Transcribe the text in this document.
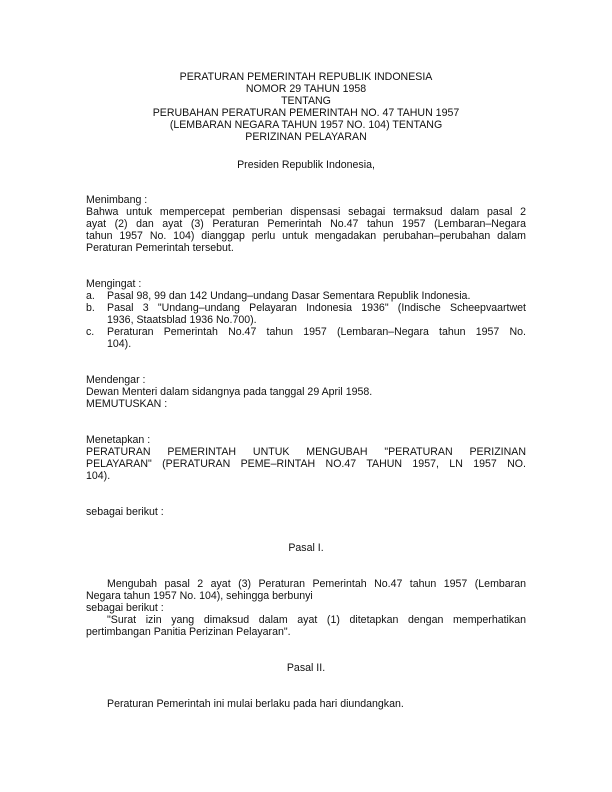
PERATURAN PEMERINTAH REPUBLIK INDONESIA
NOMOR 29 TAHUN 1958
TENTANG
PERUBAHAN PERATURAN PEMERINTAH NO. 47 TAHUN 1957
(LEMBARAN NEGARA TAHUN 1957 NO. 104) TENTANG
PERIZINAN PELAYARAN
Presiden Republik Indonesia,
Menimbang :
Bahwa untuk mempercepat pemberian dispensasi sebagai termaksud dalam pasal 2
ayat (2) dan ayat (3) Peraturan Pemerintah No.47 tahun 1957 (Lembaran–Negara
tahun 1957 No. 104) dianggap perlu untuk mengadakan perubahan–perubahan dalam
Peraturan Pemerintah tersebut.
Mengingat :
a. Pasal 98, 99 dan 142 Undang–undang Dasar Sementara Republik Indonesia.
b. Pasal 3 "Undang–undang Pelayaran Indonesia 1936" (Indische Scheepvaartwet
1936, Staatsblad 1936 No.700).
c. Peraturan Pemerintah No.47 tahun 1957 (Lembaran–Negara tahun 1957 No.
104).
Mendengar :
Dewan Menteri dalam sidangnya pada tanggal 29 April 1958.
MEMUTUSKAN :
Menetapkan :
PERATURAN PEMERINTAH UNTUK MENGUBAH "PERATURAN PERIZINAN
PELAYARAN" (PERATURAN PEME–RINTAH NO.47 TAHUN 1957, LN 1957 NO.
104).
sebagai berikut :
Pasal I.
Mengubah pasal 2 ayat (3) Peraturan Pemerintah No.47 tahun 1957 (Lembaran
Negara tahun 1957 No. 104), sehingga berbunyi
sebagai berikut :
"Surat izin yang dimaksud dalam ayat (1) ditetapkan dengan memperhatikan
pertimbangan Panitia Perizinan Pelayaran".
Pasal II.
Peraturan Pemerintah ini mulai berlaku pada hari diundangkan.
